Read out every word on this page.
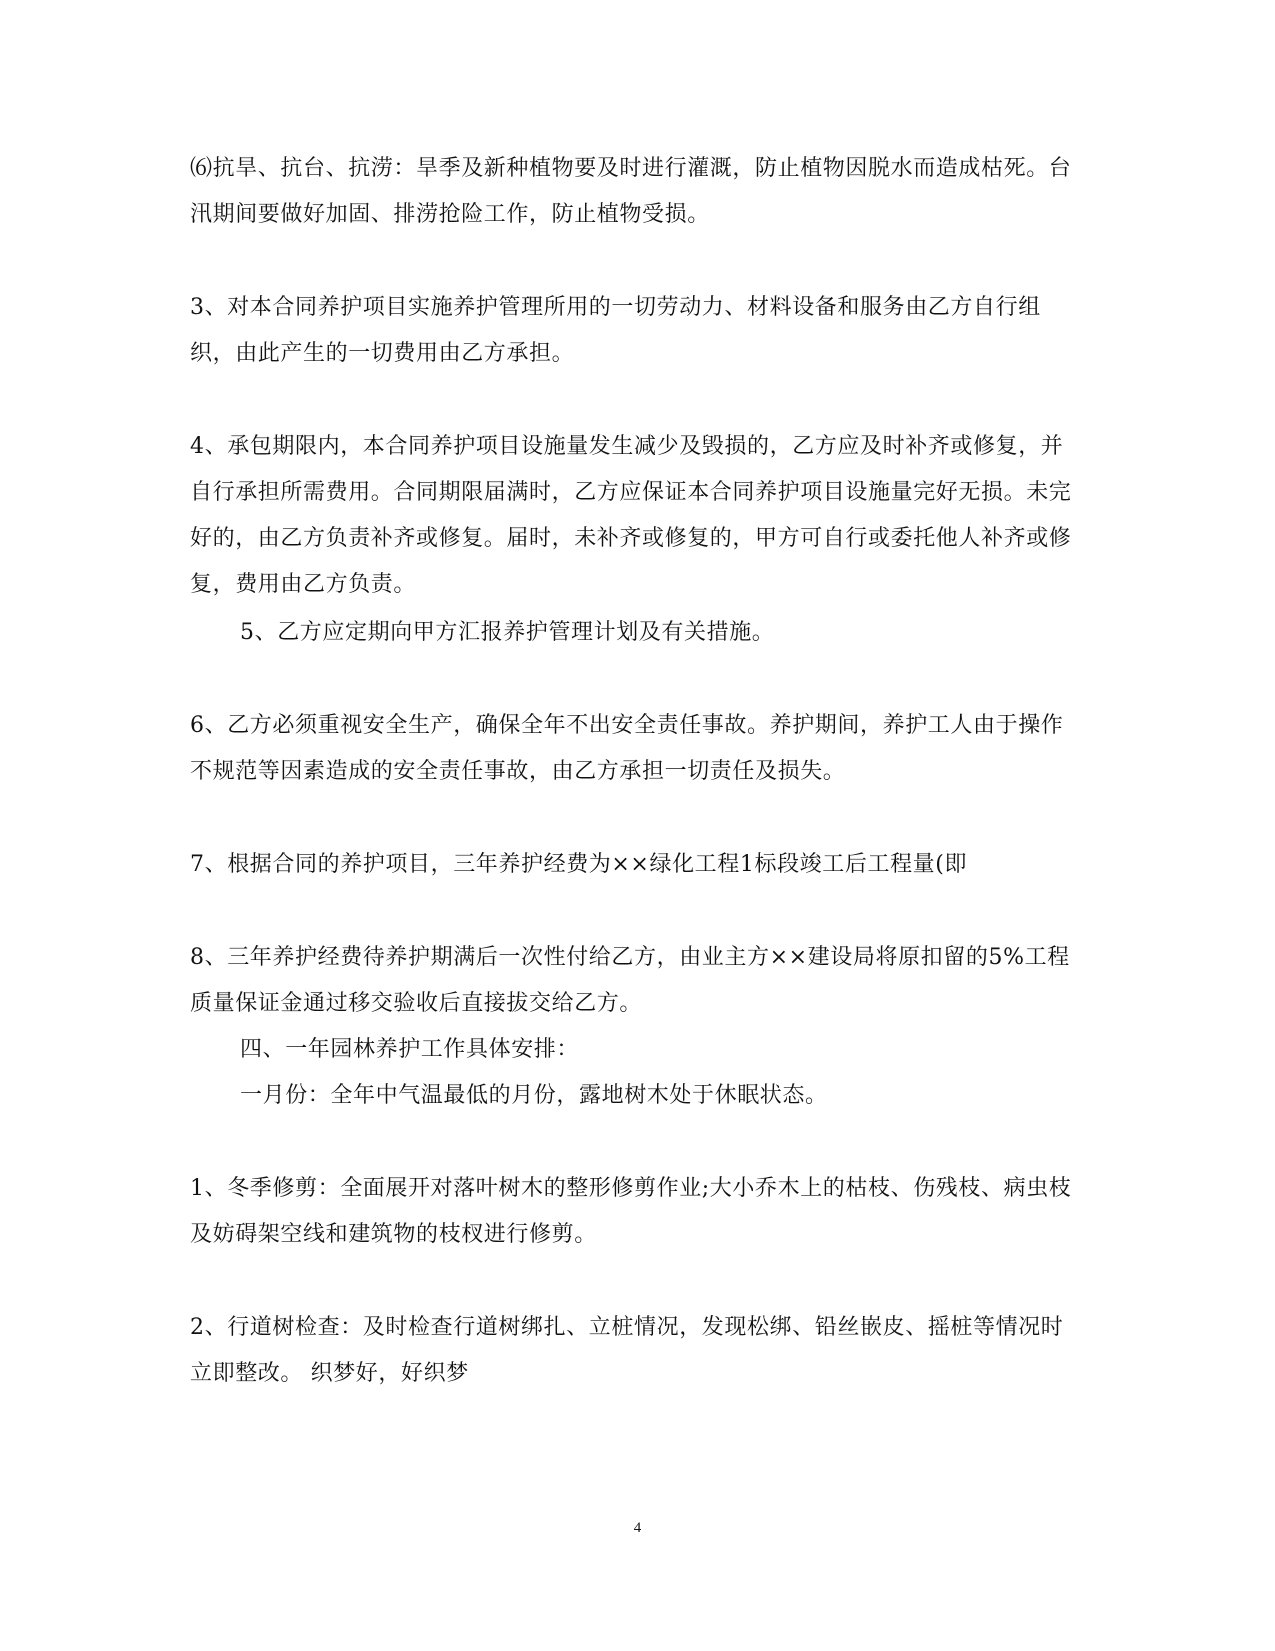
⑹抗旱、抗台、抗涝：旱季及新种植物要及时进行灌溉，防止植物因脱水而造成枯死。台汛期间要做好加固、排涝抢险工作，防止植物受损。

3、对本合同养护项目实施养护管理所用的一切劳动力、材料设备和服务由乙方自行组织，由此产生的一切费用由乙方承担。

4、承包期限内，本合同养护项目设施量发生减少及毁损的，乙方应及时补齐或修复，并自行承担所需费用。合同期限届满时，乙方应保证本合同养护项目设施量完好无损。未完好的，由乙方负责补齐或修复。届时，未补齐或修复的，甲方可自行或委托他人补齐或修复，费用由乙方负责。

5、乙方应定期向甲方汇报养护管理计划及有关措施。

6、乙方必须重视安全生产，确保全年不出安全责任事故。养护期间，养护工人由于操作不规范等因素造成的安全责任事故，由乙方承担一切责任及损失。

7、根据合同的养护项目，三年养护经费为××绿化工程1标段竣工后工程量(即

8、三年养护经费待养护期满后一次性付给乙方，由业主方××建设局将原扣留的5%工程质量保证金通过移交验收后直接拔交给乙方。

四、一年园林养护工作具体安排：

一月份：全年中气温最低的月份，露地树木处于休眠状态。

1、冬季修剪：全面展开对落叶树木的整形修剪作业;大小乔木上的枯枝、伤残枝、病虫枝及妨碍架空线和建筑物的枝杈进行修剪。

2、行道树检查：及时检查行道树绑扎、立桩情况，发现松绑、铅丝嵌皮、摇桩等情况时立即整改。 织梦好，好织梦

4
